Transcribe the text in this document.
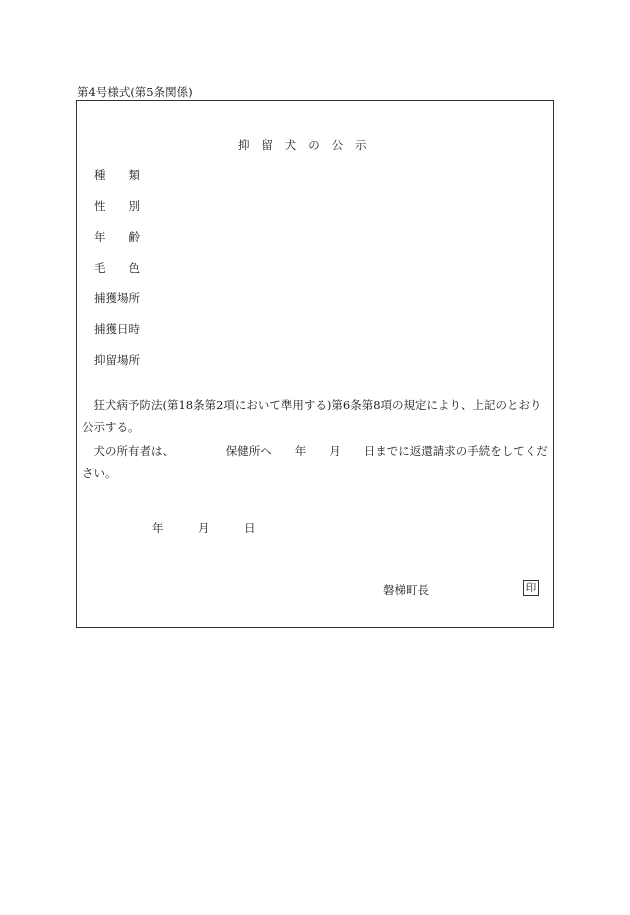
第4号様式(第5条関係)
抑　留　犬　の　公　示
種　　類
性　　別
年　　齢
毛　　色
捕獲場所
捕獲日時
抑留場所
　狂犬病予防法(第18条第2項において準用する)第6条第8項の規定により、上記のとおり公示する。
　犬の所有者は、　　　　　保健所へ　　年　　月　　日までに返還請求の手続をしてください。
年　　　月　　　日
磐梯町長	印
